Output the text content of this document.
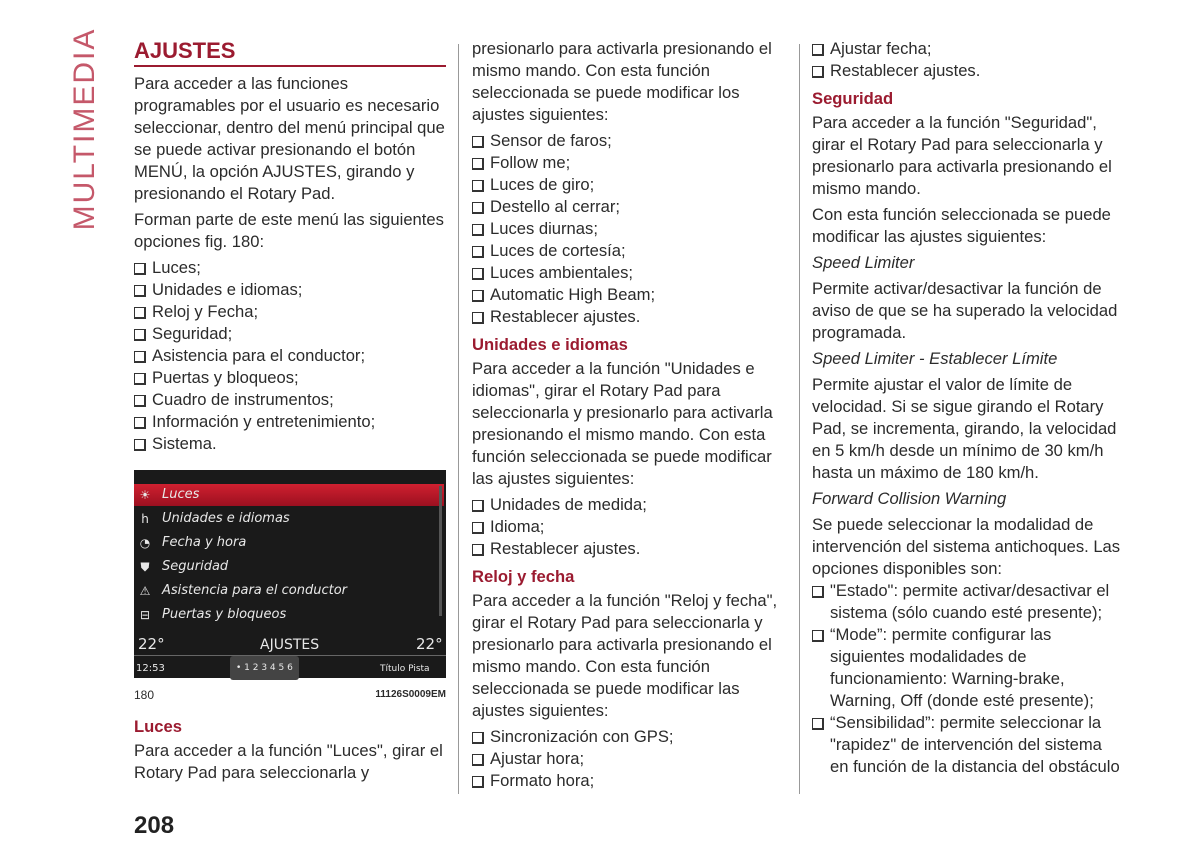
MULTIMEDIA AJUSTES

Para acceder a las funciones programables por el usuario es necesario seleccionar, dentro del menú principal que se puede activar presionando el botón MENÚ, la opción AJUSTES, girando y presionando el Rotary Pad.

Forman parte de este menú las siguientes opciones fig. 180:

Luces;
Unidades e idiomas;
Reloj y Fecha;
Seguridad;
Asistencia para el conductor;
Puertas y bloqueos;
Cuadro de instrumentos;
Información y entretenimiento;
Sistema.
☀ Luces
h	Unidades e idiomas
◔ Fecha y hora
⛊ Seguridad
⚠ Asistencia para el conductor
⊟ Puertas y bloqueos
22°	AJUSTES	22°
12:53	• 1 2 3 4 5 6	Título Pista
180	11126S0009EM
Luces

Para acceder a la función "Luces", girar el Rotary Pad para seleccionarla y

presionarlo para activarla presionando el mismo mando. Con esta función seleccionada se puede modificar los ajustes siguientes:

Sensor de faros;
Follow me;
Luces de giro;
Destello al cerrar;
Luces diurnas;
Luces de cortesía;
Luces ambientales;
Automatic High Beam;
Restablecer ajustes.
Unidades e idiomas

Para acceder a la función "Unidades e idiomas", girar el Rotary Pad para seleccionarla y presionarlo para activarla presionando el mismo mando. Con esta función seleccionada se puede modificar las ajustes siguientes:

Unidades de medida;
Idioma;
Restablecer ajustes.
Reloj y fecha

Para acceder a la función "Reloj y fecha", girar el Rotary Pad para seleccionarla y presionarlo para activarla presionando el mismo mando. Con esta función seleccionada se puede modificar las ajustes siguientes:

Sincronización con GPS;
Ajustar hora;
Formato hora;
Ajustar fecha;
Restablecer ajustes.
Seguridad

Para acceder a la función "Seguridad", girar el Rotary Pad para seleccionarla y presionarlo para activarla presionando el mismo mando.

Con esta función seleccionada se puede modificar las ajustes siguientes:

Speed Limiter

Permite activar/desactivar la función de aviso de que se ha superado la velocidad programada.

Speed Limiter - Establecer Límite

Permite ajustar el valor de límite de velocidad. Si se sigue girando el Rotary Pad, se incrementa, girando, la velocidad en 5 km/h desde un mínimo de 30 km/h hasta un máximo de 180 km/h.

Forward Collision Warning

Se puede seleccionar la modalidad de intervención del sistema antichoques. Las opciones disponibles son:

"Estado": permite activar/desactivar el sistema (sólo cuando esté presente);
“Mode”: permite configurar las siguientes modalidades de funcionamiento: Warning-brake, Warning, Off (donde esté presente);
“Sensibilidad”: permite seleccionar la "rapidez" de intervención del sistema en función de la distancia del obstáculo
208
